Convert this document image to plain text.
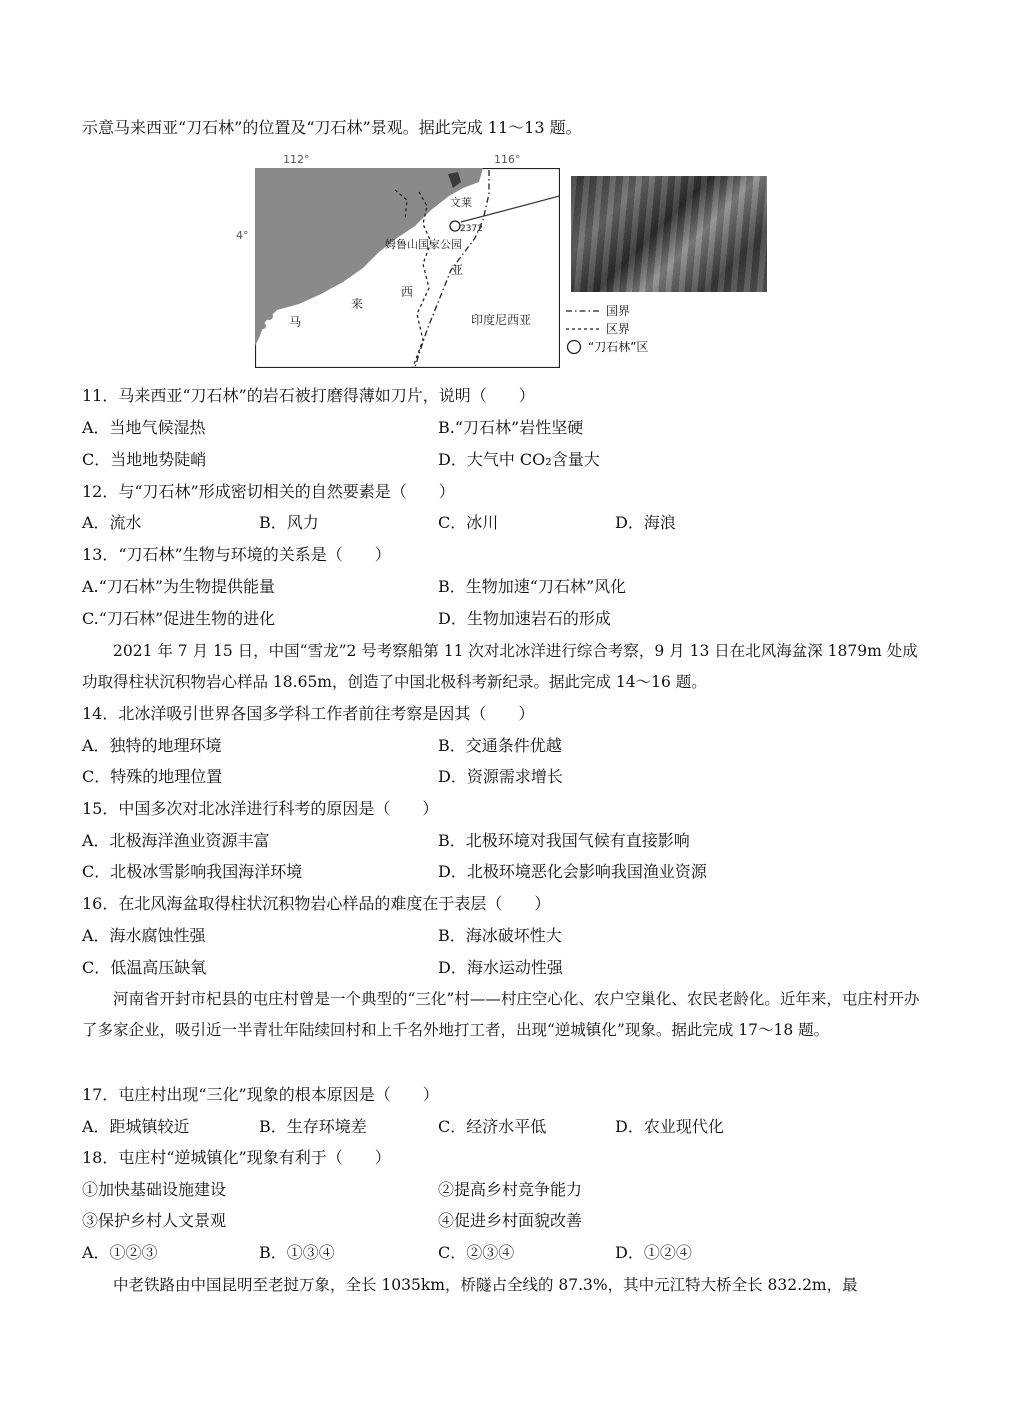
示意马来西亚“刀石林”的位置及“刀石林”景观。据此完成 11～13 题。
文莱
2372
姆鲁山国家公园
亚
西
来
马	印度尼西亚
112°	116°
4°
国界
区界
“刀石林”区
11．马来西亚“刀石林”的岩石被打磨得薄如刀片，说明（　　）
A．当地气候湿热	B.“刀石林”岩性坚硬
C．当地地势陡峭	D．大气中 CO₂含量大
12．与“刀石林”形成密切相关的自然要素是（　　）
A．流水	B．风力	C．冰川	D．海浪
13．“刀石林”生物与环境的关系是（　　）
A.“刀石林”为生物提供能量	B．生物加速“刀石林”风化
C.“刀石林”促进生物的进化	D．生物加速岩石的形成
2021 年 7 月 15 日，中国“雪龙”2 号考察船第 11 次对北冰洋进行综合考察，9 月 13 日在北风海盆深 1879m 处成功取得柱状沉积物岩心样品 18.65m，创造了中国北极科考新纪录。据此完成 14～16 题。
14．北冰洋吸引世界各国多学科工作者前往考察是因其（　　）
A．独特的地理环境	B．交通条件优越
C．特殊的地理位置	D．资源需求增长
15．中国多次对北冰洋进行科考的原因是（　　）
A．北极海洋渔业资源丰富	B．北极环境对我国气候有直接影响
C．北极冰雪影响我国海洋环境	D．北极环境恶化会影响我国渔业资源
16．在北风海盆取得柱状沉积物岩心样品的难度在于表层（　　）
A．海水腐蚀性强	B．海冰破坏性大
C．低温高压缺氧	D．海水运动性强
河南省开封市杞县的屯庄村曾是一个典型的“三化”村——村庄空心化、农户空巢化、农民老龄化。近年来，屯庄村开办了多家企业，吸引近一半青壮年陆续回村和上千名外地打工者，出现“逆城镇化”现象。据此完成 17～18 题。
17．屯庄村出现“三化”现象的根本原因是（　　）
A．距城镇较近	B．生存环境差	C．经济水平低	D．农业现代化
18．屯庄村“逆城镇化”现象有利于（　　）
①加快基础设施建设	②提高乡村竞争能力
③保护乡村人文景观	④促进乡村面貌改善
A．①②③	B．①③④	C．②③④	D．①②④
中老铁路由中国昆明至老挝万象，全长 1035km，桥隧占全线的 87.3%，其中元江特大桥全长 832.2m，最
